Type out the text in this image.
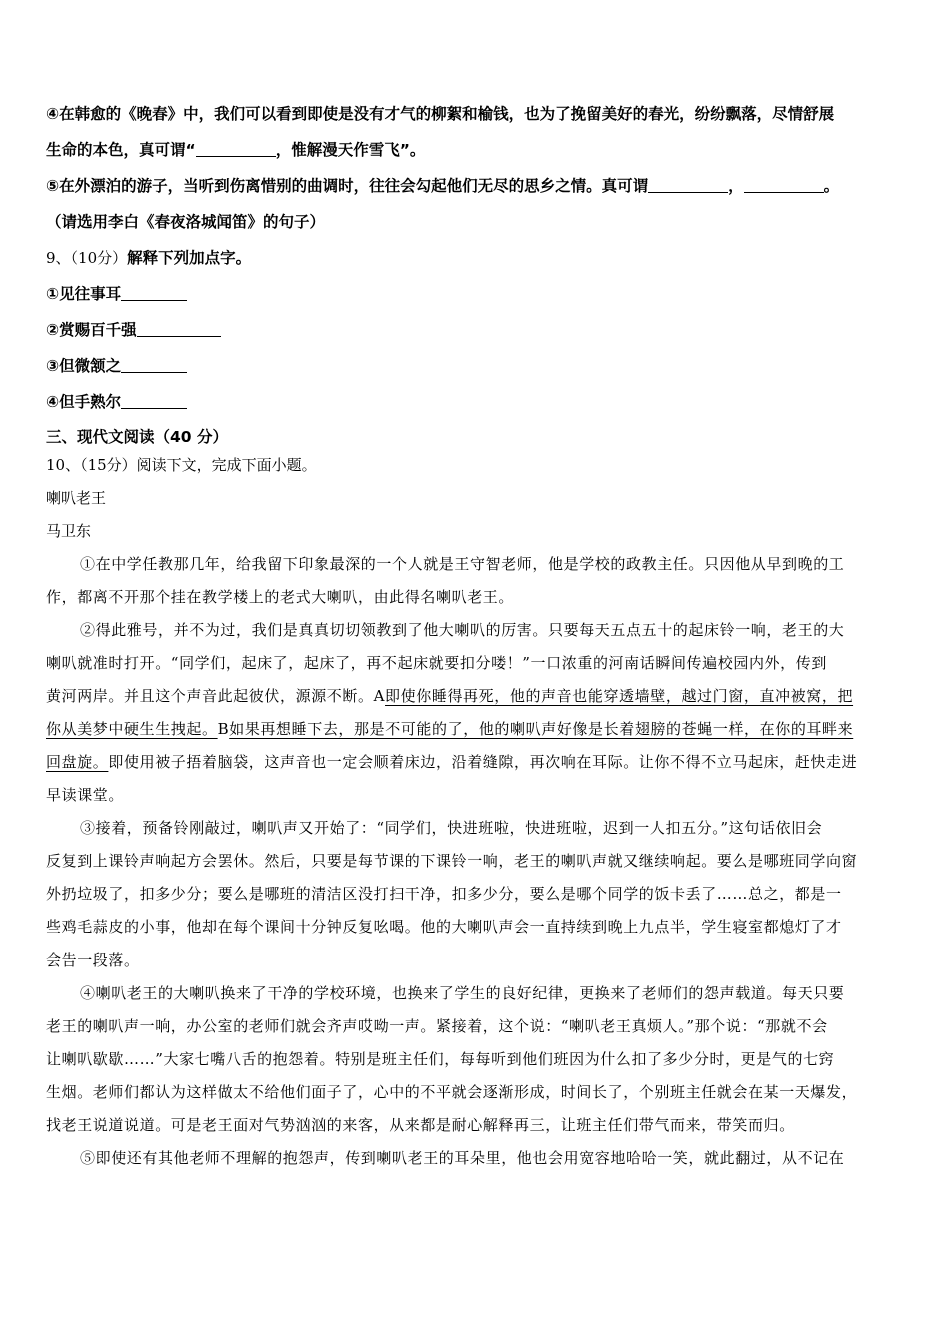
④在韩愈的《晚春》中，我们可以看到即使是没有才气的柳絮和榆钱，也为了挽留美好的春光，纷纷飘落，尽情舒展
生命的本色，真可谓“	，惟解漫天作雪飞”。
⑤在外漂泊的游子，当听到伤离惜别的曲调时，往往会勾起他们无尽的思乡之情。真可谓	，	。
（请选用李白《春夜洛城闻笛》的句子）
9、（10分）解释下列加点字。
①见往事耳
②赏赐百千强
③但微颔之
④但手熟尔
三、现代文阅读（40 分）
10、（15分）阅读下文，完成下面小题。
喇叭老王
马卫东
①在中学任教那几年，给我留下印象最深的一个人就是王守智老师，他是学校的政教主任。只因他从早到晚的工
作，都离不开那个挂在教学楼上的老式大喇叭，由此得名喇叭老王。
②得此雅号，并不为过，我们是真真切切领教到了他大喇叭的厉害。只要每天五点五十的起床铃一响，老王的大
喇叭就准时打开。“同学们，起床了，起床了，再不起床就要扣分喽！”一口浓重的河南话瞬间传遍校园内外，传到
黄河两岸。并且这个声音此起彼伏，源源不断。A即使你睡得再死，他的声音也能穿透墙壁，越过门窗，直冲被窝，把
你从美梦中硬生生拽起。B如果再想睡下去，那是不可能的了，他的喇叭声好像是长着翅膀的苍蝇一样，在你的耳畔来
回盘旋。即使用被子捂着脑袋，这声音也一定会顺着床边，沿着缝隙，再次响在耳际。让你不得不立马起床，赶快走进
早读课堂。
③接着，预备铃刚敲过，喇叭声又开始了：“同学们，快进班啦，快进班啦，迟到一人扣五分。”这句话依旧会
反复到上课铃声响起方会罢休。然后，只要是每节课的下课铃一响，老王的喇叭声就又继续响起。要么是哪班同学向窗
外扔垃圾了，扣多少分；要么是哪班的清洁区没打扫干净，扣多少分，要么是哪个同学的饭卡丢了……总之，都是一
些鸡毛蒜皮的小事，他却在每个课间十分钟反复吆喝。他的大喇叭声会一直持续到晚上九点半，学生寝室都熄灯了才
会告一段落。
④喇叭老王的大喇叭换来了干净的学校环境，也换来了学生的良好纪律，更换来了老师们的怨声载道。每天只要
老王的喇叭声一响，办公室的老师们就会齐声哎呦一声。紧接着，这个说：“喇叭老王真烦人。”那个说：“那就不会
让喇叭歇歇……”大家七嘴八舌的抱怨着。特别是班主任们，每每听到他们班因为什么扣了多少分时，更是气的七窍
生烟。老师们都认为这样做太不给他们面子了，心中的不平就会逐渐形成，时间长了，个别班主任就会在某一天爆发，
找老王说道说道。可是老王面对气势汹汹的来客，从来都是耐心解释再三，让班主任们带气而来，带笑而归。
⑤即使还有其他老师不理解的抱怨声，传到喇叭老王的耳朵里，他也会用宽容地哈哈一笑，就此翻过，从不记在
